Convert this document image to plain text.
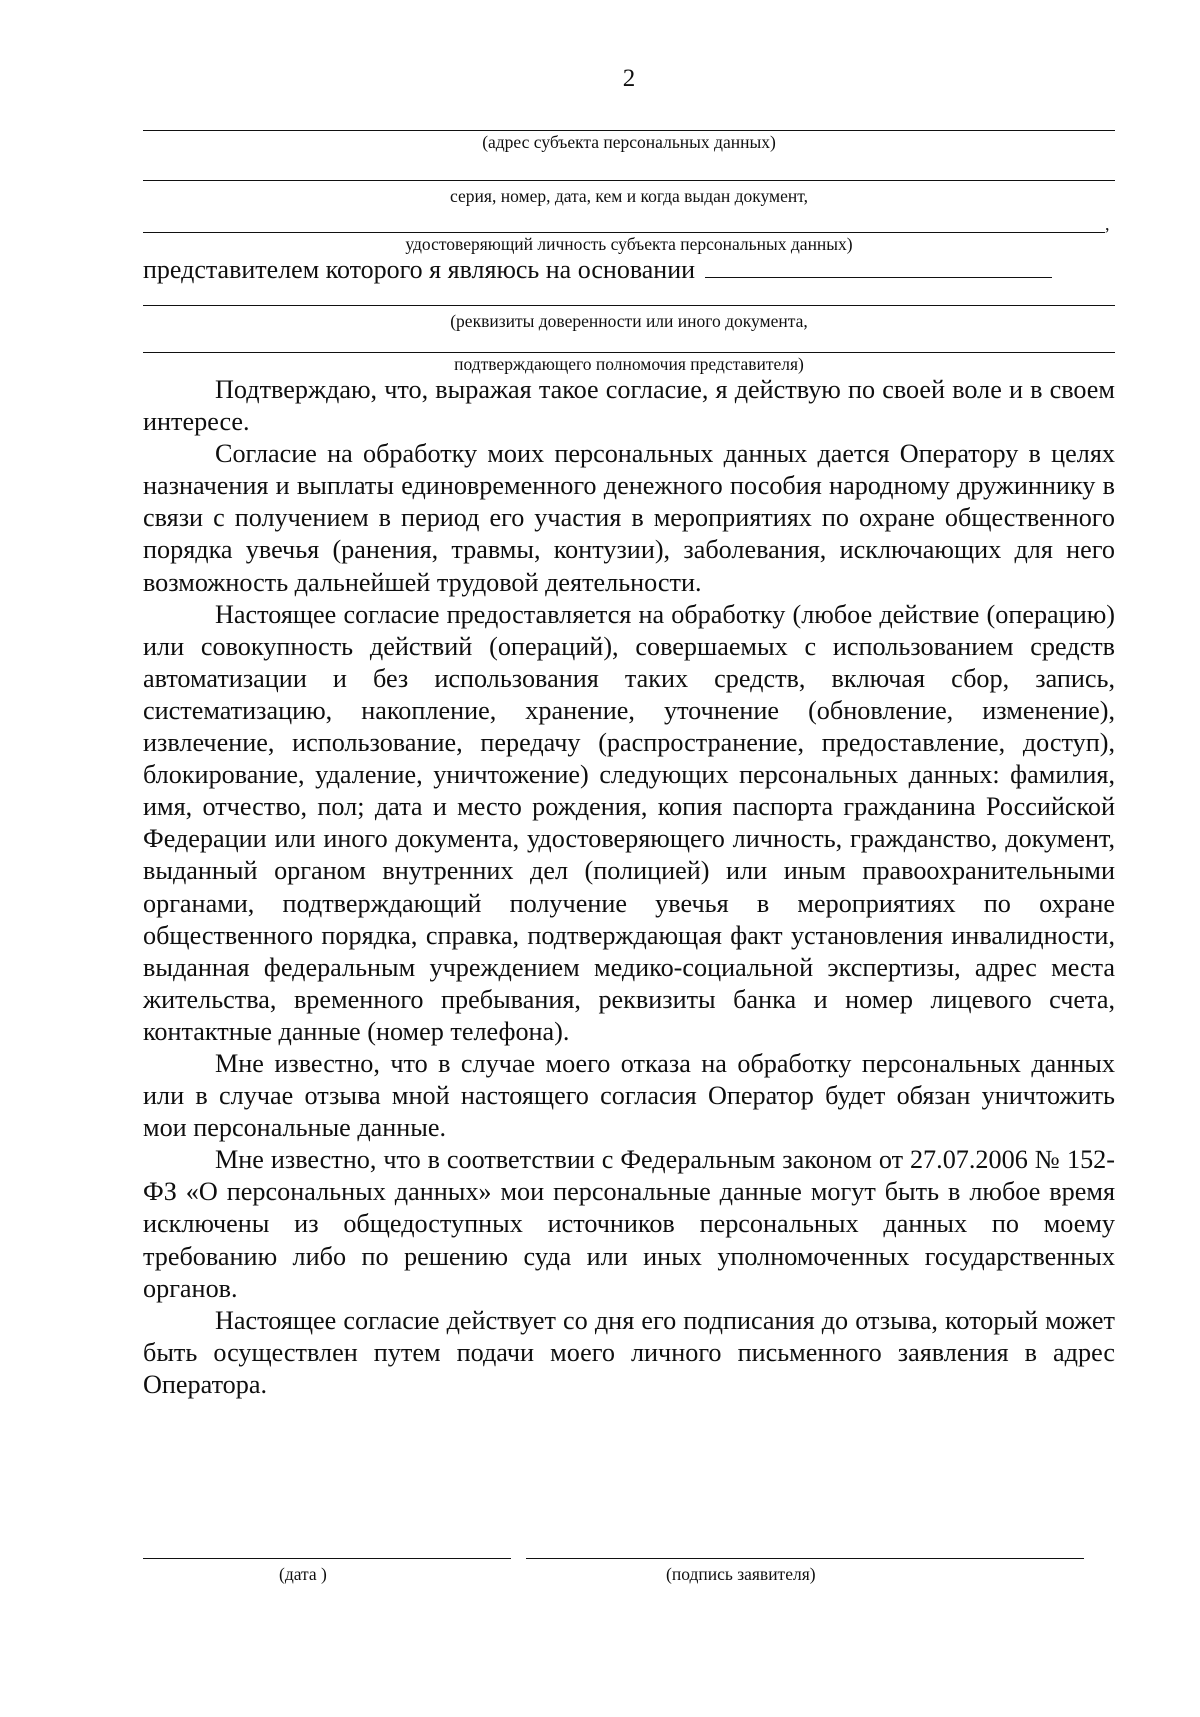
2
(адрес субъекта персональных данных)
серия, номер, дата, кем и когда выдан документ,
,
удостоверяющий личность субъекта персональных данных)
представителем которого я являюсь на основании
(реквизиты доверенности или иного документа,
подтверждающего полномочия представителя)

Подтверждаю, что, выражая такое согласие, я действую по своей воле и в своем интересе.

Согласие на обработку моих персональных данных дается Оператору в целях назначения и выплаты единовременного денежного пособия народному дружиннику в связи с получением в период его участия в мероприятиях по охране общественного порядка увечья (ранения, травмы, контузии), заболевания, исключающих для него возможность дальнейшей трудовой деятельности.

Настоящее согласие предоставляется на обработку (любое действие (операцию) или совокупность действий (операций), совершаемых с использованием средств автоматизации и без использования таких средств, включая сбор, запись, систематизацию, накопление, хранение, уточнение (обновление, изменение), извлечение, использование, передачу (распространение, предоставление, доступ), блокирование, удаление, уничтожение) следующих персональных данных: фамилия, имя, отчество, пол; дата и место рождения, копия паспорта гражданина Российской Федерации или иного документа, удостоверяющего личность, гражданство, документ, выданный органом внутренних дел (полицией) или иным правоохранительными органами, подтверждающий получение увечья в мероприятиях по охране общественного порядка, справка, подтверждающая факт установления инвалидности, выданная федеральным учреждением медико-социальной экспертизы, адрес места жительства, временного пребывания, реквизиты банка и номер лицевого счета, контактные данные (номер телефона).

Мне известно, что в случае моего отказа на обработку персональных данных или в случае отзыва мной настоящего согласия Оператор будет обязан уничтожить мои персональные данные.

Мне известно, что в соответствии с Федеральным законом от 27.07.2006 № 152-ФЗ «О персональных данных» мои персональные данные могут быть в любое время исключены из общедоступных источников персональных данных по моему требованию либо по решению суда или иных уполномоченных государственных органов.

Настоящее согласие действует со дня его подписания до отзыва, который может быть осуществлен путем подачи моего личного письменного заявления в адрес Оператора.

(дата )	(подпись заявителя)
